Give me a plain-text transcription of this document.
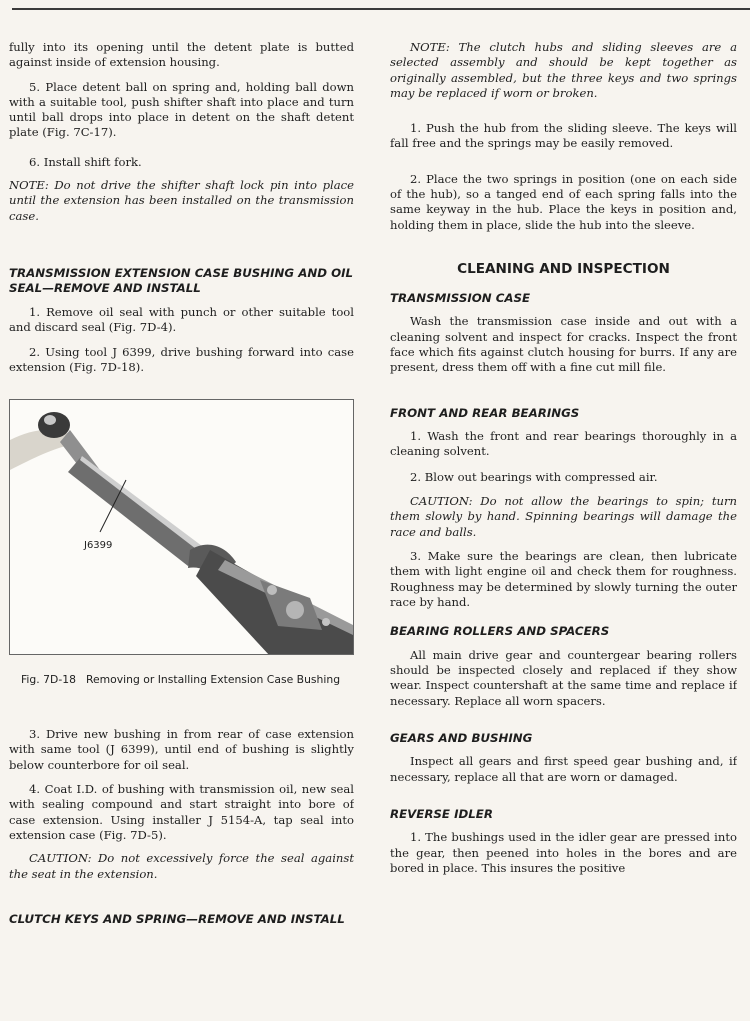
fully into its opening until the detent plate is butted against inside of extension housing.

5. Place detent ball on spring and, holding ball down with a suitable tool, push shifter shaft into place and turn until ball drops into place in detent on the shaft detent plate (Fig. 7C-17).

6. Install shift fork.

NOTE: Do not drive the shifter shaft lock pin into place until the extension has been installed on the transmission case.

TRANSMISSION EXTENSION CASE BUSHING AND OIL SEAL—REMOVE AND INSTALL

1. Remove oil seal with punch or other suitable tool and discard seal (Fig. 7D-4).

2. Using tool J 6399, drive bushing forward into case extension (Fig. 7D-18).

J6399

Fig. 7D-18 Removing or Installing Extension Case Bushing

3. Drive new bushing in from rear of case extension with same tool (J 6399), until end of bushing is slightly below counterbore for oil seal.

4. Coat I.D. of bushing with transmission oil, new seal with sealing compound and start straight into bore of case extension. Using installer J 5154-A, tap seal into extension case (Fig. 7D-5).

CAUTION: Do not excessively force the seal against the seat in the extension.

CLUTCH KEYS AND SPRING—REMOVE AND INSTALL

NOTE: The clutch hubs and sliding sleeves are a selected assembly and should be kept together as originally assembled, but the three keys and two springs may be replaced if worn or broken.

1. Push the hub from the sliding sleeve. The keys will fall free and the springs may be easily removed.

2. Place the two springs in position (one on each side of the hub), so a tanged end of each spring falls into the same keyway in the hub. Place the keys in position and, holding them in place, slide the hub into the sleeve.

CLEANING AND INSPECTION
TRANSMISSION CASE

Wash the transmission case inside and out with a cleaning solvent and inspect for cracks. Inspect the front face which fits against clutch housing for burrs. If any are present, dress them off with a fine cut mill file.

FRONT AND REAR BEARINGS

1. Wash the front and rear bearings thoroughly in a cleaning solvent.

2. Blow out bearings with compressed air.

CAUTION: Do not allow the bearings to spin; turn them slowly by hand. Spinning bearings will damage the race and balls.

3. Make sure the bearings are clean, then lubricate them with light engine oil and check them for roughness. Roughness may be determined by slowly turning the outer race by hand.

BEARING ROLLERS AND SPACERS

All main drive gear and countergear bearing rollers should be inspected closely and replaced if they show wear. Inspect countershaft at the same time and replace if necessary. Replace all worn spacers.

GEARS AND BUSHING

Inspect all gears and first speed gear bushing and, if necessary, replace all that are worn or damaged.

REVERSE IDLER

1. The bushings used in the idler gear are pressed into the gear, then peened into holes in the bores and are bored in place. This insures the positive
